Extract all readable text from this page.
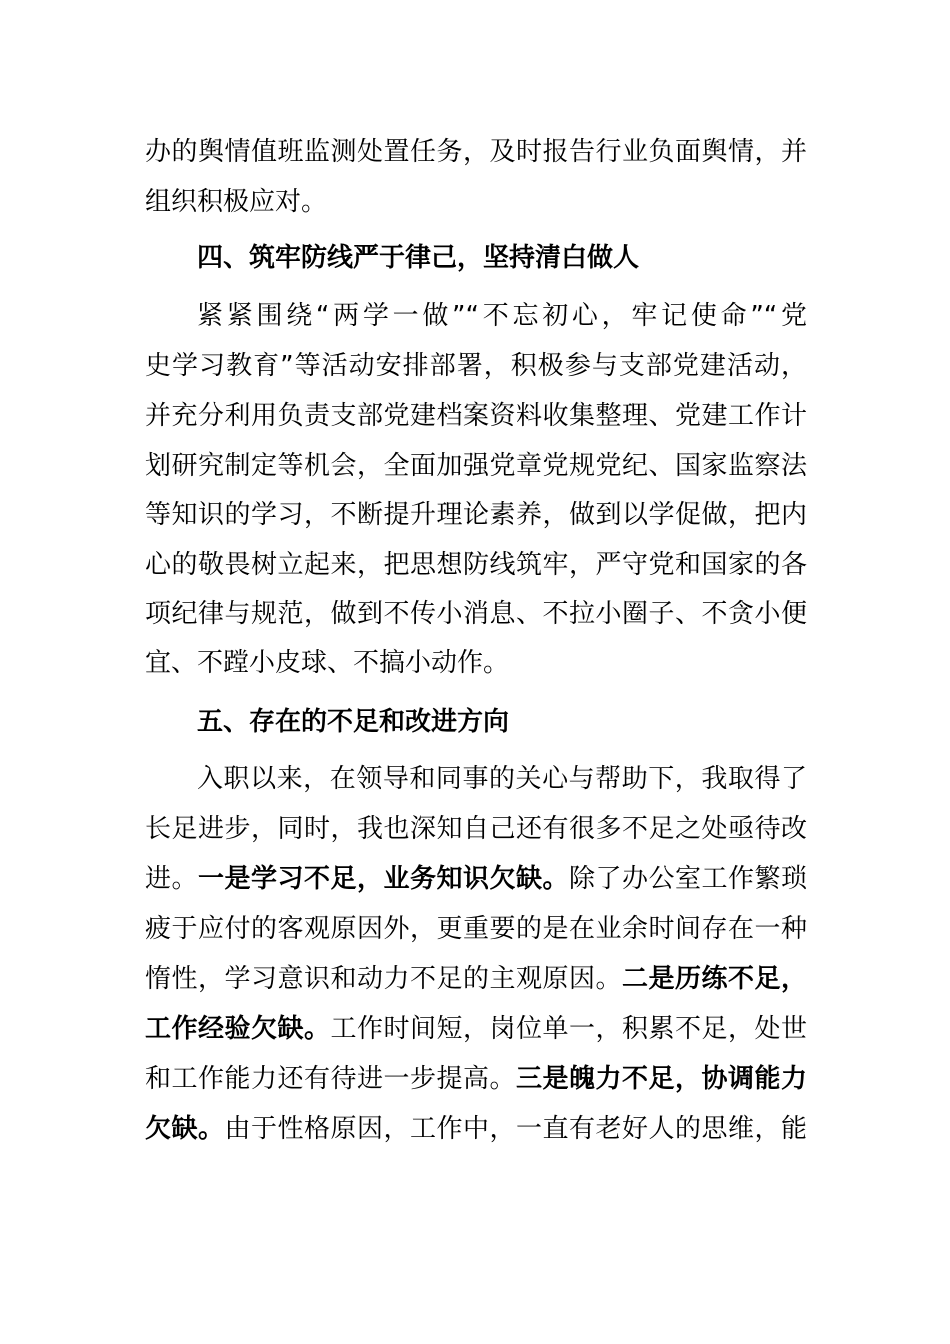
办的舆情值班监测处置任务，及时报告行业负面舆情，并
组织积极应对。
四、筑牢防线严于律己，坚持清白做人
紧紧围绕“两学一做”“不忘初心，牢记使命”“党
史学习教育”等活动安排部署，积极参与支部党建活动，
并充分利用负责支部党建档案资料收集整理、党建工作计
划研究制定等机会，全面加强党章党规党纪、国家监察法
等知识的学习，不断提升理论素养，做到以学促做，把内
心的敬畏树立起来，把思想防线筑牢，严守党和国家的各
项纪律与规范，做到不传小消息、不拉小圈子、不贪小便
宜、不蹚小皮球、不搞小动作。
五、存在的不足和改进方向
入职以来，在领导和同事的关心与帮助下，我取得了
长足进步，同时，我也深知自己还有很多不足之处亟待改
进。一是学习不足，业务知识欠缺。除了办公室工作繁琐
疲于应付的客观原因外，更重要的是在业余时间存在一种
惰性，学习意识和动力不足的主观原因。二是历练不足，
工作经验欠缺。工作时间短，岗位单一，积累不足，处世
和工作能力还有待进一步提高。三是魄力不足，协调能力
欠缺。由于性格原因，工作中，一直有老好人的思维，能
